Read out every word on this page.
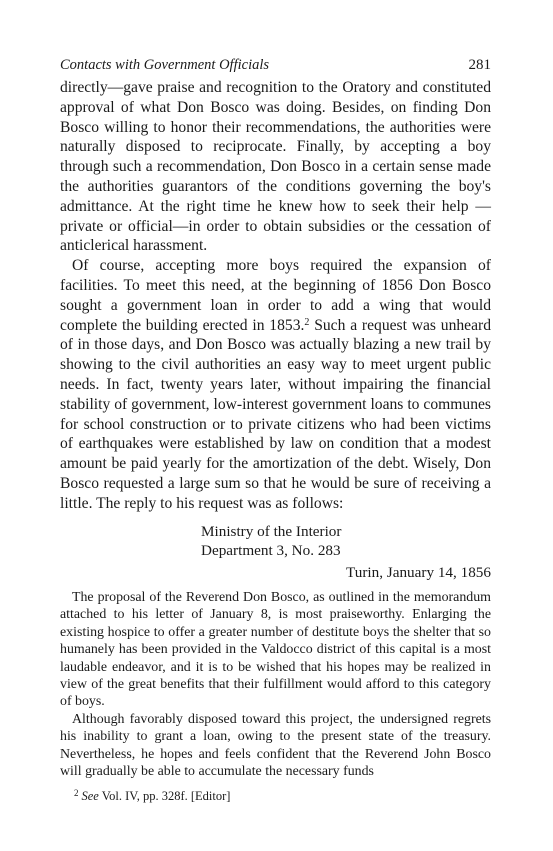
Contacts with Government Officials	281

directly—gave praise and recognition to the Oratory and constituted approval of what Don Bosco was doing. Besides, on finding Don Bosco willing to honor their recommendations, the authorities were naturally disposed to reciprocate. Finally, by accepting a boy through such a recommendation, Don Bosco in a certain sense made the authorities guarantors of the conditions governing the boy's admittance. At the right time he knew how to seek their help —private or official—in order to obtain subsidies or the cessation of anticlerical harassment.

Of course, accepting more boys required the expansion of facilities. To meet this need, at the beginning of 1856 Don Bosco sought a government loan in order to add a wing that would complete the building erected in 1853.$^2$ Such a request was unheard of in those days, and Don Bosco was actually blazing a new trail by showing to the civil authorities an easy way to meet urgent public needs. In fact, twenty years later, without impairing the financial stability of government, low-interest government loans to communes for school construction or to private citizens who had been victims of earthquakes were established by law on condition that a modest amount be paid yearly for the amortization of the debt. Wisely, Don Bosco requested a large sum so that he would be sure of receiving a little. The reply to his request was as follows:

Ministry of the Interior
Department 3, No. 283
Turin, January 14, 1856

The proposal of the Reverend Don Bosco, as outlined in the memorandum attached to his letter of January 8, is most praiseworthy. Enlarging the existing hospice to offer a greater number of destitute boys the shelter that so humanely has been provided in the Valdocco district of this capital is a most laudable endeavor, and it is to be wished that his hopes may be realized in view of the great benefits that their fulfillment would afford to this category of boys.

Although favorably disposed toward this project, the undersigned regrets his inability to grant a loan, owing to the present state of the treasury. Nevertheless, he hopes and feels confident that the Reverend John Bosco will gradually be able to accumulate the necessary funds

$^2$ See Vol. IV, pp. 328f. [Editor]
